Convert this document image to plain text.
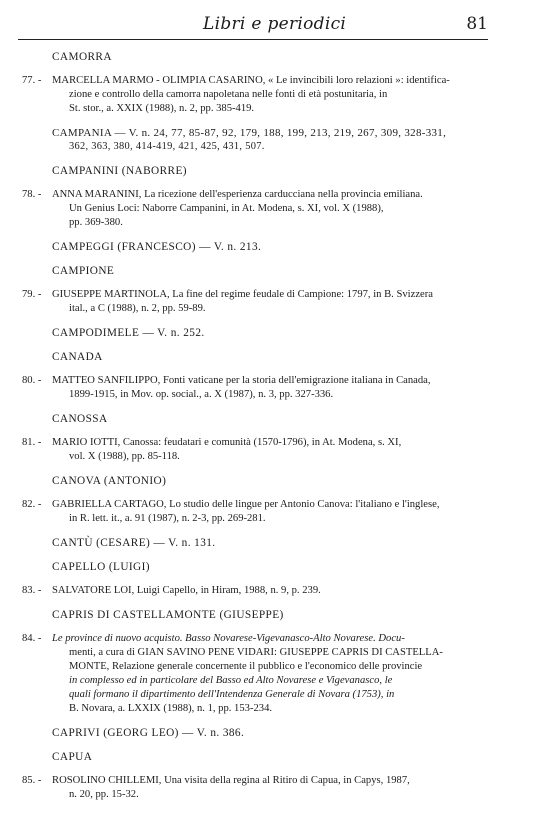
Libri e periodici	81
CAMORRA
77. - MARCELLA MARMO - OLIMPIA CASARINO, « Le invincibili loro relazioni »: identifica-
zione e controllo della camorra napoletana nelle fonti di età postunitaria, in
St. stor., a. XXIX (1988), n. 2, pp. 385-419.
CAMPANIA — V. n. 24, 77, 85-87, 92, 179, 188, 199, 213, 219, 267, 309, 328-331,
362, 363, 380, 414-419, 421, 425, 431, 507.
CAMPANINI (NABORRE)
78. - ANNA MARANINI, La ricezione dell'esperienza carducciana nella provincia emiliana.
Un Genius Loci: Naborre Campanini, in At. Modena, s. XI, vol. X (1988),
pp. 369-380.
CAMPEGGI (FRANCESCO) — V. n. 213.
CAMPIONE
79. - GIUSEPPE MARTINOLA, La fine del regime feudale di Campione: 1797, in B. Svizzera
ital., a C (1988), n. 2, pp. 59-89.
CAMPODIMELE — V. n. 252.
CANADA
80. - MATTEO SANFILIPPO, Fonti vaticane per la storia dell'emigrazione italiana in Canada,
1899-1915, in Mov. op. social., a. X (1987), n. 3, pp. 327-336.
CANOSSA
81. - MARIO IOTTI, Canossa: feudatari e comunità (1570-1796), in At. Modena, s. XI,
vol. X (1988), pp. 85-118.
CANOVA (ANTONIO)
82. - GABRIELLA CARTAGO, Lo studio delle lingue per Antonio Canova: l'italiano e l'inglese,
in R. lett. it., a. 91 (1987), n. 2-3, pp. 269-281.
CANTÙ (CESARE) — V. n. 131.
CAPELLO (LUIGI)
83. - SALVATORE LOI, Luigi Capello, in Hiram, 1988, n. 9, p. 239.
CAPRIS DI CASTELLAMONTE (GIUSEPPE)
84. - Le province di nuovo acquisto. Basso Novarese-Vigevanasco-Alto Novarese. Docu-
menti, a cura di GIAN SAVINO PENE VIDARI: GIUSEPPE CAPRIS DI CASTELLA-
MONTE, Relazione generale concernente il pubblico e l'economico delle provincie
in complesso ed in particolare del Basso ed Alto Novarese e Vigevanasco, le
quali formano il dipartimento dell'Intendenza Generale di Novara (1753), in
B. Novara, a. LXXIX (1988), n. 1, pp. 153-234.
CAPRIVI (GEORG LEO) — V. n. 386.
CAPUA
85. - ROSOLINO CHILLEMI, Una visita della regina al Ritiro di Capua, in Capys, 1987,
n. 20, pp. 15-32.
